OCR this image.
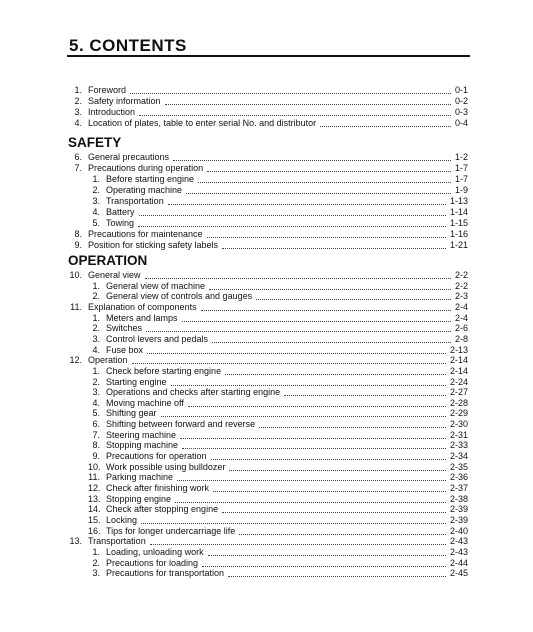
5. CONTENTS
1. Foreword	0-1
2. Safety information	0-2
3. Introduction	0-3
4. Location of plates, table to enter serial No. and distributor	0-4
SAFETY
6. General precautions	1-2
7. Precautions during operation	1-7
1. Before starting engine	1-7
2. Operating machine	1-9
3. Transportation	1-13
4. Battery	1-14
5. Towing	1-15
8. Precautions for maintenance	1-16
9. Position for sticking safety labels	1-21
OPERATION
10. General view	2-2
1. General view of machine	2-2
2. General view of controls and gauges	2-3
11. Explanation of components	2-4
1. Meters and lamps	2-4
2. Switches	2-6
3. Control levers and pedals	2-8
4. Fuse box	2-13
12. Operation	2-14
1. Check before starting engine	2-14
2. Starting engine	2-24
3. Operations and checks after starting engine	2-27
4. Moving machine off	2-28
5. Shifting gear	2-29
6. Shifting between forward and reverse	2-30
7. Steering machine	2-31
8. Stopping machine	2-33
9. Precautions for operation	2-34
10. Work possible using bulldozer	2-35
11. Parking machine	2-36
12. Check after finishing work	2-37
13. Stopping engine	2-38
14. Check after stopping engine	2-39
15. Locking	2-39
16. Tips for longer undercarriage life	2-40
13. Transportation	2-43
1. Loading, unloading work	2-43
2. Precautions for loading	2-44
3. Precautions for transportation	2-45
